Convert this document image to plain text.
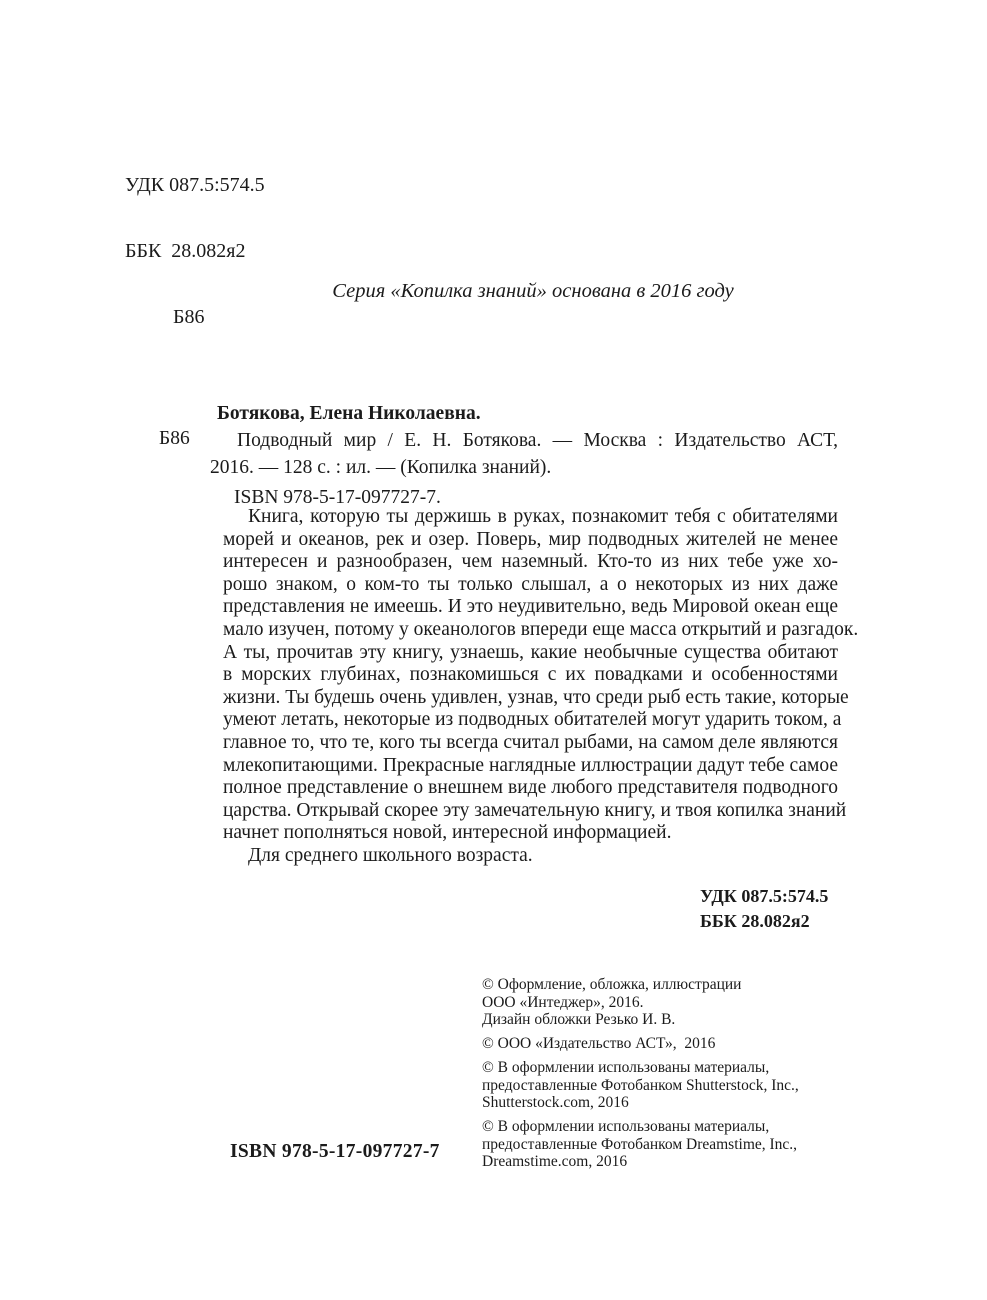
УДК 087.5:574.5

ББК  28.082я2

Б86

Серия «Копилка знаний» основана в 2016 году
Б86
Ботякова, Елена Николаевна.
Подводный мир / Е. Н. Ботякова. — Москва : Издательство АСТ,
2016. — 128 с. : ил. — (Копилка знаний).
ISBN 978-5-17-097727-7.
Книга, которую ты держишь в руках, познакомит тебя с обитателями
морей и океанов, рек и озер. Поверь, мир подводных жителей не менее
интересен и разнообразен, чем наземный. Кто-то из них тебе уже хо-
рошо знаком, о ком-то ты только слышал, а о некоторых из них даже
представления не имеешь. И это неудивительно, ведь Мировой океан еще
мало изучен, потому у океанологов впереди еще масса открытий и разгадок.
А ты, прочитав эту книгу, узнаешь, какие необычные существа обитают
в морских глубинах, познакомишься с их повадками и особенностями
жизни. Ты будешь очень удивлен, узнав, что среди рыб есть такие, которые
умеют летать, некоторые из подводных обитателей могут ударить током, а
главное то, что те, кого ты всегда считал рыбами, на самом деле являются
млекопитающими. Прекрасные наглядные иллюстрации дадут тебе самое
полное представление о внешнем виде любого представителя подводного
царства. Открывай скорее эту замечательную книгу, и твоя копилка знаний
начнет пополняться новой, интересной информацией.
Для среднего школьного возраста.
УДК 087.5:574.5
ББК 28.082я2
© Оформление, обложка, иллюстрации
ООО «Интеджер», 2016.
Дизайн обложки Резько И. В.
© ООО «Издательство АСТ»,  2016
© В оформлении использованы материалы,
предоставленные Фотобанком Shutterstock, Inc.,
Shutterstock.com, 2016
© В оформлении использованы материалы,
предоставленные Фотобанком Dreamstime, Inc.,
Dreamstime.com, 2016
ISBN 978-5-17-097727-7
